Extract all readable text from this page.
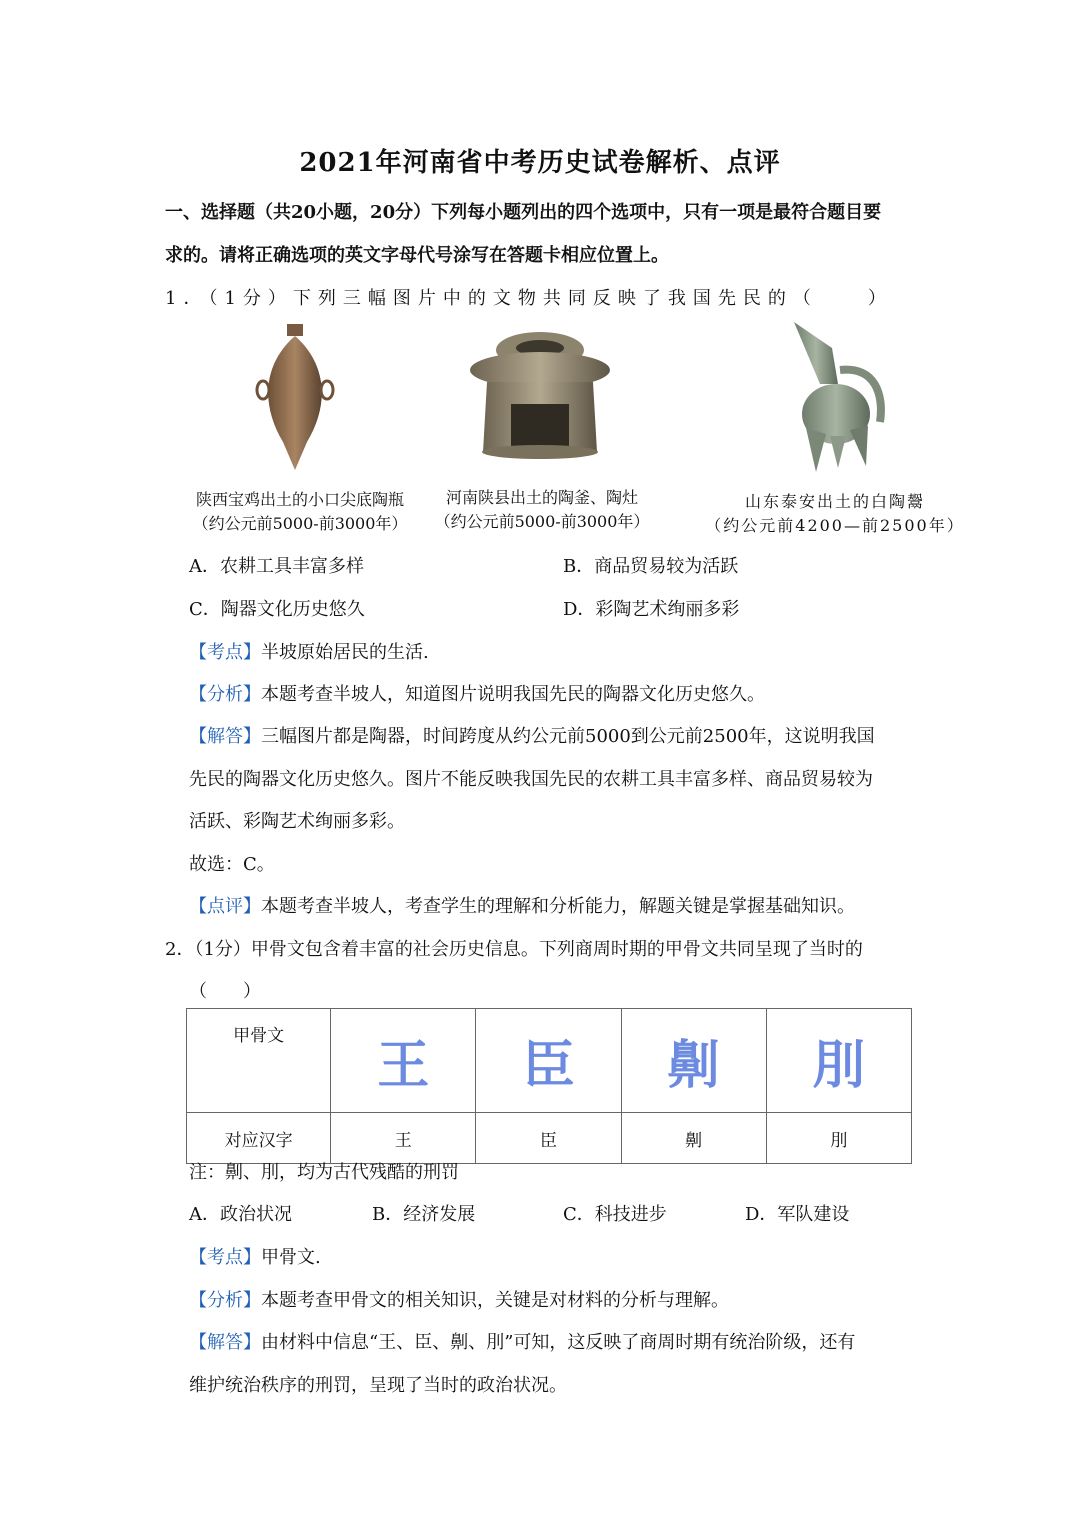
2021年河南省中考历史试卷解析、点评
一、选择题（共20小题，20分）下列每小题列出的四个选项中，只有一项是最符合题目要
求的。请将正确选项的英文字母代号涂写在答题卡相应位置上。
1．（1分）下列三幅图片中的文物共同反映了我国先民的（　　）
陕西宝鸡出土的小口尖底陶瓶
（约公元前5000-前3000年）
河南陕县出土的陶釜、陶灶
（约公元前5000-前3000年）
山东泰安出土的白陶鬶
（约公元前4200—前2500年）
A．农耕工具丰富多样	B．商品贸易较为活跃
C．陶器文化历史悠久	D．彩陶艺术绚丽多彩
【考点】半坡原始居民的生活.
【分析】本题考查半坡人，知道图片说明我国先民的陶器文化历史悠久。
【解答】三幅图片都是陶器，时间跨度从约公元前5000到公元前2500年，这说明我国
先民的陶器文化历史悠久。图片不能反映我国先民的农耕工具丰富多样、商品贸易较为
活跃、彩陶艺术绚丽多彩。
故选：C。
【点评】本题考查半坡人，考查学生的理解和分析能力，解题关键是掌握基础知识。
2．（1分）甲骨文包含着丰富的社会历史信息。下列商周时期的甲骨文共同呈现了当时的
（　　）
甲骨文	王	臣	劓	刖
对应汉字	王	臣	劓	刖
注：劓、刖，均为古代残酷的刑罚
A．政治状况	B．经济发展	C．科技进步	D．军队建设
【考点】甲骨文.
【分析】本题考查甲骨文的相关知识，关键是对材料的分析与理解。
【解答】由材料中信息“王、臣、劓、刖”可知，这反映了商周时期有统治阶级，还有
维护统治秩序的刑罚，呈现了当时的政治状况。
